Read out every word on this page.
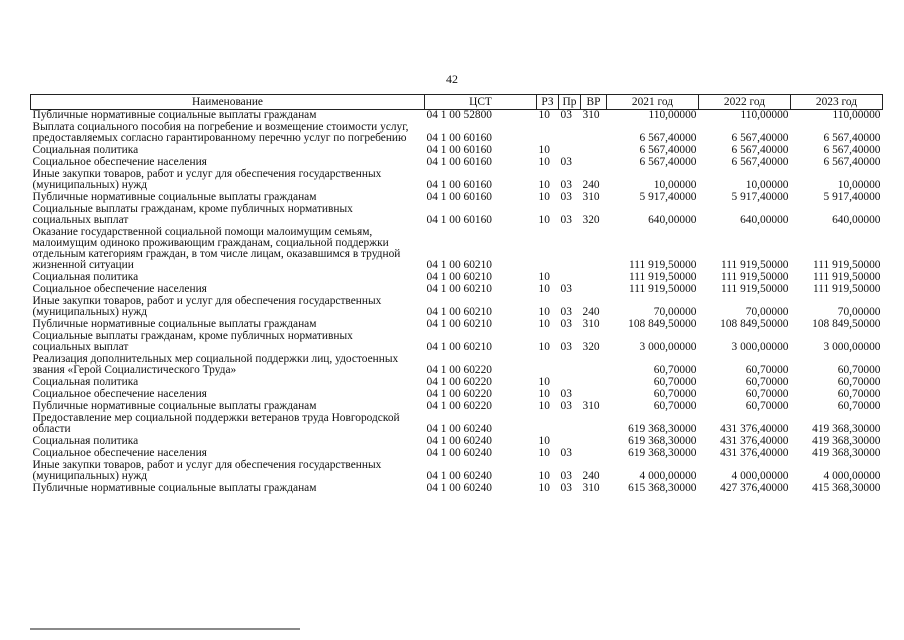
42
Наименование	ЦСТ	РЗ	Пр	ВР	2021 год	2022 год	2023 год
Публичные нормативные социальные выплаты гражданам	04 1 00 52800	10	03	310	110,00000	110,00000	110,00000
Выплата социального пособия на погребение и возмещение стоимости услуг, предоставляемых согласно гарантированному перечню услуг по погребению	04 1 00 60160				6 567,40000	6 567,40000	6 567,40000
Социальная политика	04 1 00 60160	10			6 567,40000	6 567,40000	6 567,40000
Социальное обеспечение населения	04 1 00 60160	10	03		6 567,40000	6 567,40000	6 567,40000
Иные закупки товаров, работ и услуг для обеспечения государственных (муниципальных) нужд	04 1 00 60160	10	03	240	10,00000	10,00000	10,00000
Публичные нормативные социальные выплаты гражданам	04 1 00 60160	10	03	310	5 917,40000	5 917,40000	5 917,40000
Социальные выплаты гражданам, кроме публичных нормативных социальных выплат	04 1 00 60160	10	03	320	640,00000	640,00000	640,00000
Оказание государственной социальной помощи малоимущим семьям, малоимущим одиноко проживающим гражданам, социальной поддержки отдельным категориям граждан, в том числе лицам, оказавшимся в трудной жизненной ситуации	04 1 00 60210				111 919,50000	111 919,50000	111 919,50000
Социальная политика	04 1 00 60210	10			111 919,50000	111 919,50000	111 919,50000
Социальное обеспечение населения	04 1 00 60210	10	03		111 919,50000	111 919,50000	111 919,50000
Иные закупки товаров, работ и услуг для обеспечения государственных (муниципальных) нужд	04 1 00 60210	10	03	240	70,00000	70,00000	70,00000
Публичные нормативные социальные выплаты гражданам	04 1 00 60210	10	03	310	108 849,50000	108 849,50000	108 849,50000
Социальные выплаты гражданам, кроме публичных нормативных социальных выплат	04 1 00 60210	10	03	320	3 000,00000	3 000,00000	3 000,00000
Реализация дополнительных мер социальной поддержки лиц, удостоенных звания «Герой Социалистического Труда»	04 1 00 60220				60,70000	60,70000	60,70000
Социальная политика	04 1 00 60220	10			60,70000	60,70000	60,70000
Социальное обеспечение населения	04 1 00 60220	10	03		60,70000	60,70000	60,70000
Публичные нормативные социальные выплаты гражданам	04 1 00 60220	10	03	310	60,70000	60,70000	60,70000
Предоставление мер социальной поддержки ветеранов труда Новгородской области	04 1 00 60240				619 368,30000	431 376,40000	419 368,30000
Социальная политика	04 1 00 60240	10			619 368,30000	431 376,40000	419 368,30000
Социальное обеспечение населения	04 1 00 60240	10	03		619 368,30000	431 376,40000	419 368,30000
Иные закупки товаров, работ и услуг для обеспечения государственных (муниципальных) нужд	04 1 00 60240	10	03	240	4 000,00000	4 000,00000	4 000,00000
Публичные нормативные социальные выплаты гражданам	04 1 00 60240	10	03	310	615 368,30000	427 376,40000	415 368,30000
